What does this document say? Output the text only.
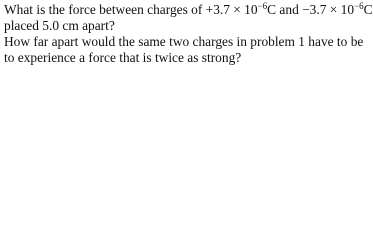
What is the force between charges of $+3.7 \times 10^{-6}C$ and $-3.7 \times 10^{-6}C$
placed 5.0 cm apart?
How far apart would the same two charges in problem 1 have to be
to experience a force that is twice as strong?
